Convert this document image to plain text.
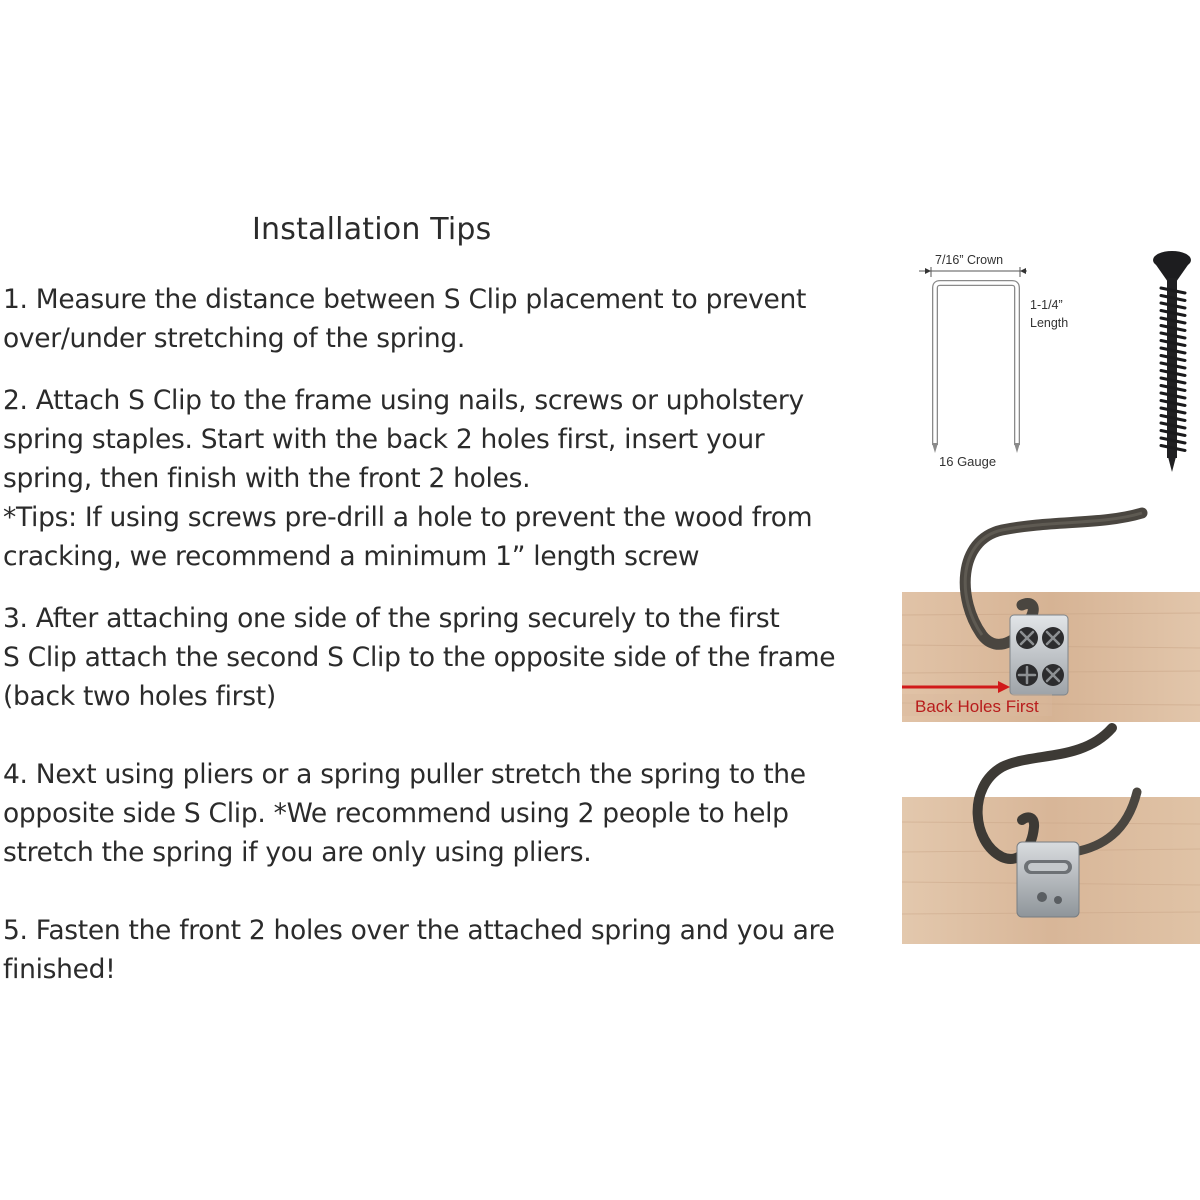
Installation Tips
1. Measure the distance between S Clip placement to prevent
over/under stretching of the spring.
2. Attach S Clip to the frame using nails, screws or upholstery
spring staples. Start with the back 2 holes first, insert your
spring, then finish with the front 2 holes.
*Tips: If using screws pre-drill a hole to prevent the wood from
cracking, we recommend a minimum 1” length screw
3. After attaching one side of the spring securely to the first
S Clip attach the second S Clip to the opposite side of the frame
(back two holes first)
4. Next using pliers or a spring puller stretch the spring to the
opposite side S Clip. *We recommend using 2 people to help
stretch the spring if you are only using pliers.
5. Fasten the front 2 holes over the attached spring and you are
finished!
7/16” Crown
1-1/4”
Length
16 Gauge
Back Holes First
